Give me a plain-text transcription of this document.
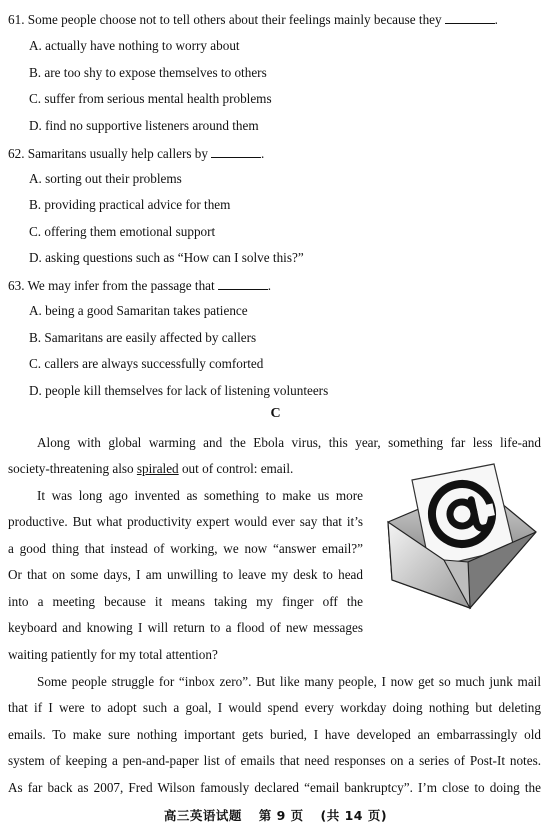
61. Some people choose not to tell others about their feelings mainly because they	.
A. actually have nothing to worry about
B. are too shy to expose themselves to others
C. suffer from serious mental health problems
D. find no supportive listeners around them
62. Samaritans usually help callers by	.
A. sorting out their problems
B. providing practical advice for them
C. offering them emotional support
D. asking questions such as “How can I solve this?”
63. We may infer from the passage that	.
A. being a good Samaritan takes patience
B. Samaritans are easily affected by callers
C. callers are always successfully comforted
D. people kill themselves for lack of listening volunteers
C
Along with global warming and the Ebola virus, this year, something far less life-and
society-threatening also spiraled out of control: email.
It was long ago invented as something to make us more
productive. But what productivity expert would ever say that it’s
a good thing that instead of working, we now “answer email?”
Or that on some days, I am unwilling to leave my desk to head
into a meeting because it means taking my finger off the
keyboard and knowing I will return to a flood of new messages
waiting patiently for my total attention?
Some people struggle for “inbox zero”. But like many people, I now get so much junk mail
that if I were to adopt such a goal, I would spend every workday doing nothing but deleting
emails. To make sure nothing important gets buried, I have developed an embarrassingly old
system of keeping a pen-and-paper list of emails that need responses on a series of Post-It notes.
As far back as 2007, Fred Wilson famously declared “email bankruptcy”. I’m close to doing the
高三英语试题 第 9 页 (共 14 页)
